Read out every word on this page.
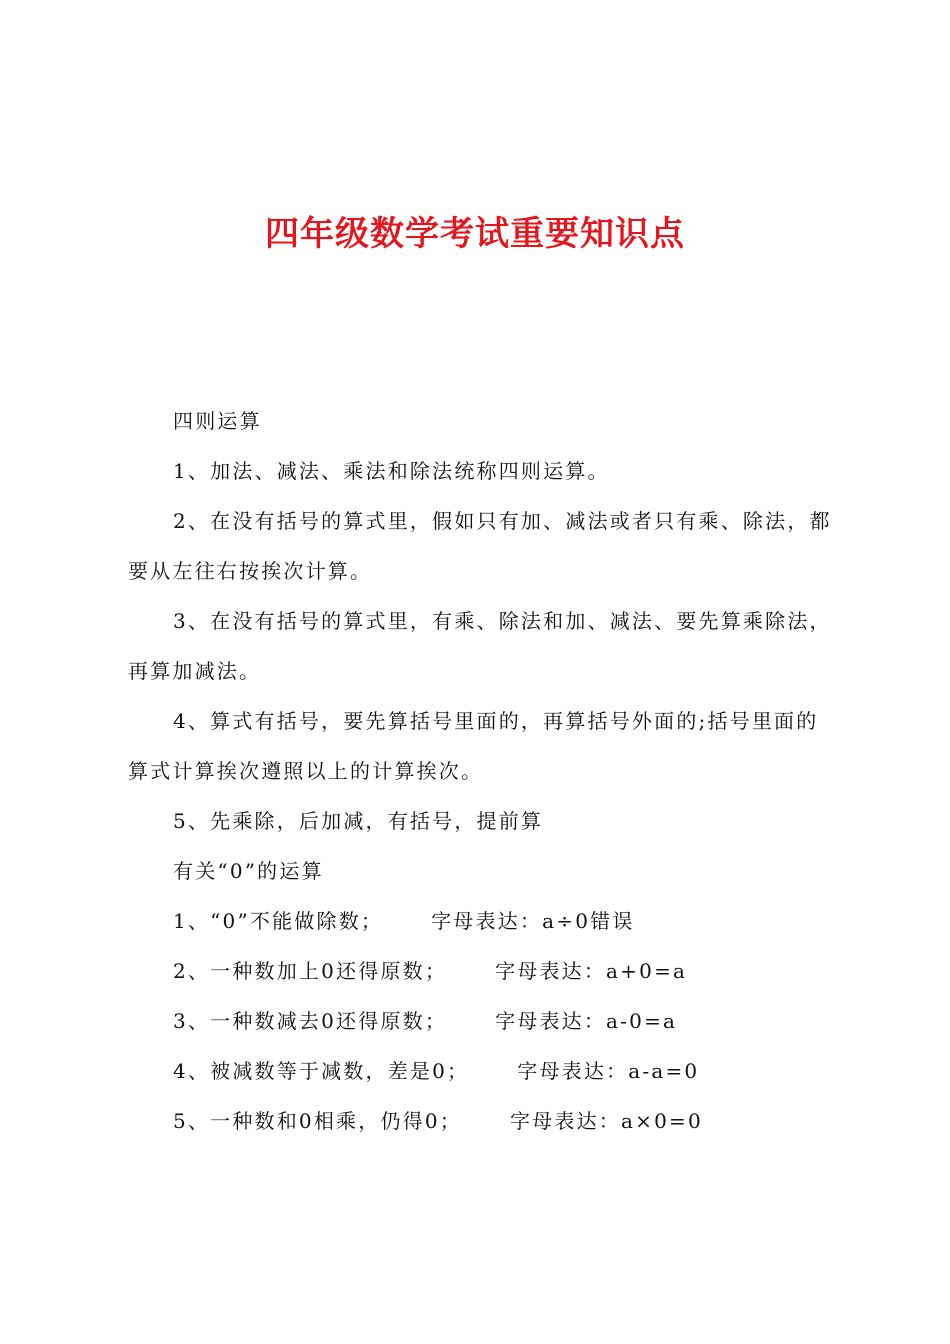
四年级数学考试重要知识点

四则运算

1、加法、减法、乘法和除法统称四则运算。

2、在没有括号的算式里，假如只有加、减法或者只有乘、除法，都要从左往右按挨次计算。

3、在没有括号的算式里，有乘、除法和加、减法、要先算乘除法，再算加减法。

4、算式有括号，要先算括号里面的，再算括号外面的;括号里面的算式计算挨次遵照以上的计算挨次。

5、先乘除，后加减，有括号，提前算

有关“0”的运算

1、“0”不能做除数； 字母表达：a÷0错误

2、一种数加上0还得原数； 字母表达：a+0=a

3、一种数减去0还得原数； 字母表达：a-0=a

4、被减数等于减数，差是0； 字母表达：a-a=0

5、一种数和0相乘，仍得0； 字母表达：a×0=0
